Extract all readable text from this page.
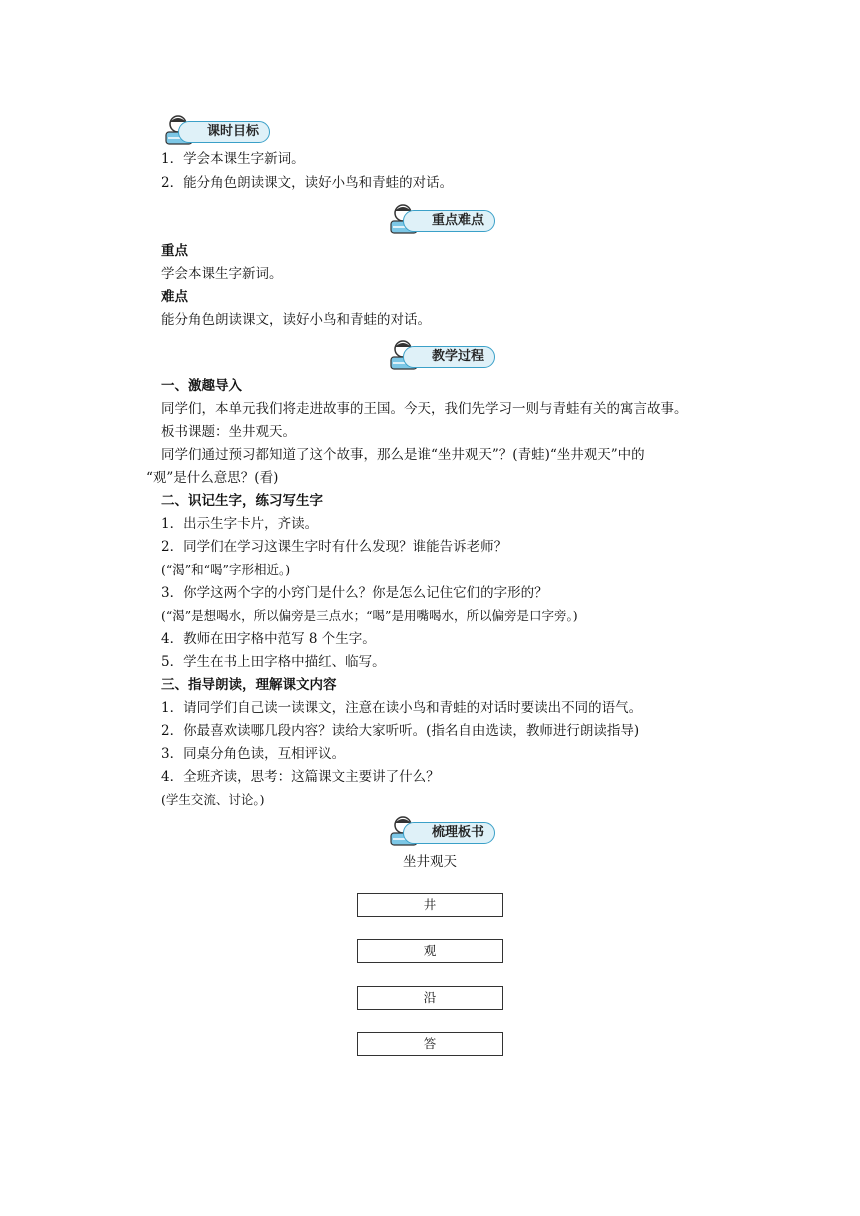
课时目标
1．学会本课生字新词。
2．能分角色朗读课文，读好小鸟和青蛙的对话。
重点难点
重点
学会本课生字新词。
难点
能分角色朗读课文，读好小鸟和青蛙的对话。
教学过程
一、激趣导入
同学们，本单元我们将走进故事的王国。今天，我们先学习一则与青蛙有关的寓言故事。
板书课题：坐井观天。
同学们通过预习都知道了这个故事，那么是谁“坐井观天”？(青蛙)“坐井观天”中的
“观”是什么意思？(看)
二、识记生字，练习写生字
1．出示生字卡片，齐读。
2．同学们在学习这课生字时有什么发现？谁能告诉老师？
(“渴”和“喝”字形相近。)
3．你学这两个字的小窍门是什么？你是怎么记住它们的字形的？
(“渴”是想喝水，所以偏旁是三点水；“喝”是用嘴喝水，所以偏旁是口字旁。)
4．教师在田字格中范写 8 个生字。
5．学生在书上田字格中描红、临写。
三、指导朗读，理解课文内容
1．请同学们自己读一读课文，注意在读小鸟和青蛙的对话时要读出不同的语气。
2．你最喜欢读哪几段内容？读给大家听听。(指名自由选读，教师进行朗读指导)
3．同桌分角色读，互相评议。
4．全班齐读，思考：这篇课文主要讲了什么？
(学生交流、讨论。)
梳理板书
坐井观天
井
观
沿
答
